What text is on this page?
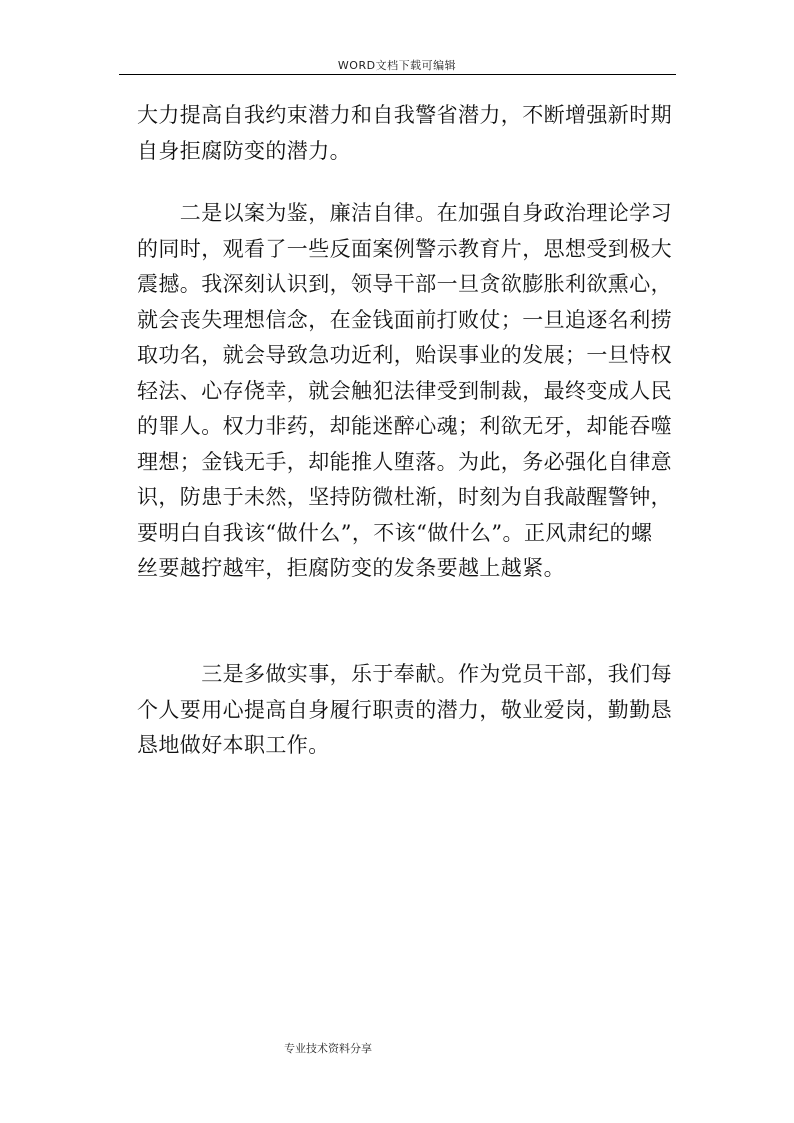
WORD文档下载可编辑

大力提高自我约束潜力和自我警省潜力，不断增强新时期自身拒腐防变的潜力。

　　二是以案为鉴，廉洁自律。在加强自身政治理论学习的同时，观看了一些反面案例警示教育片，思想受到极大震撼。我深刻认识到，领导干部一旦贪欲膨胀利欲熏心，就会丧失理想信念，在金钱面前打败仗；一旦追逐名利捞取功名，就会导致急功近利，贻误事业的发展；一旦恃权轻法、心存侥幸，就会触犯法律受到制裁，最终变成人民的罪人。权力非药，却能迷醉心魂；利欲无牙，却能吞噬理想；金钱无手，却能推人堕落。为此，务必强化自律意识，防患于未然，坚持防微杜渐，时刻为自我敲醒警钟，要明白自我该“做什么”，不该“做什么”。正风肃纪的螺丝要越拧越牢，拒腐防变的发条要越上越紧。

　　　三是多做实事，乐于奉献。作为党员干部，我们每个人要用心提高自身履行职责的潜力，敬业爱岗，勤勤恳恳地做好本职工作。

专业技术资料分享
